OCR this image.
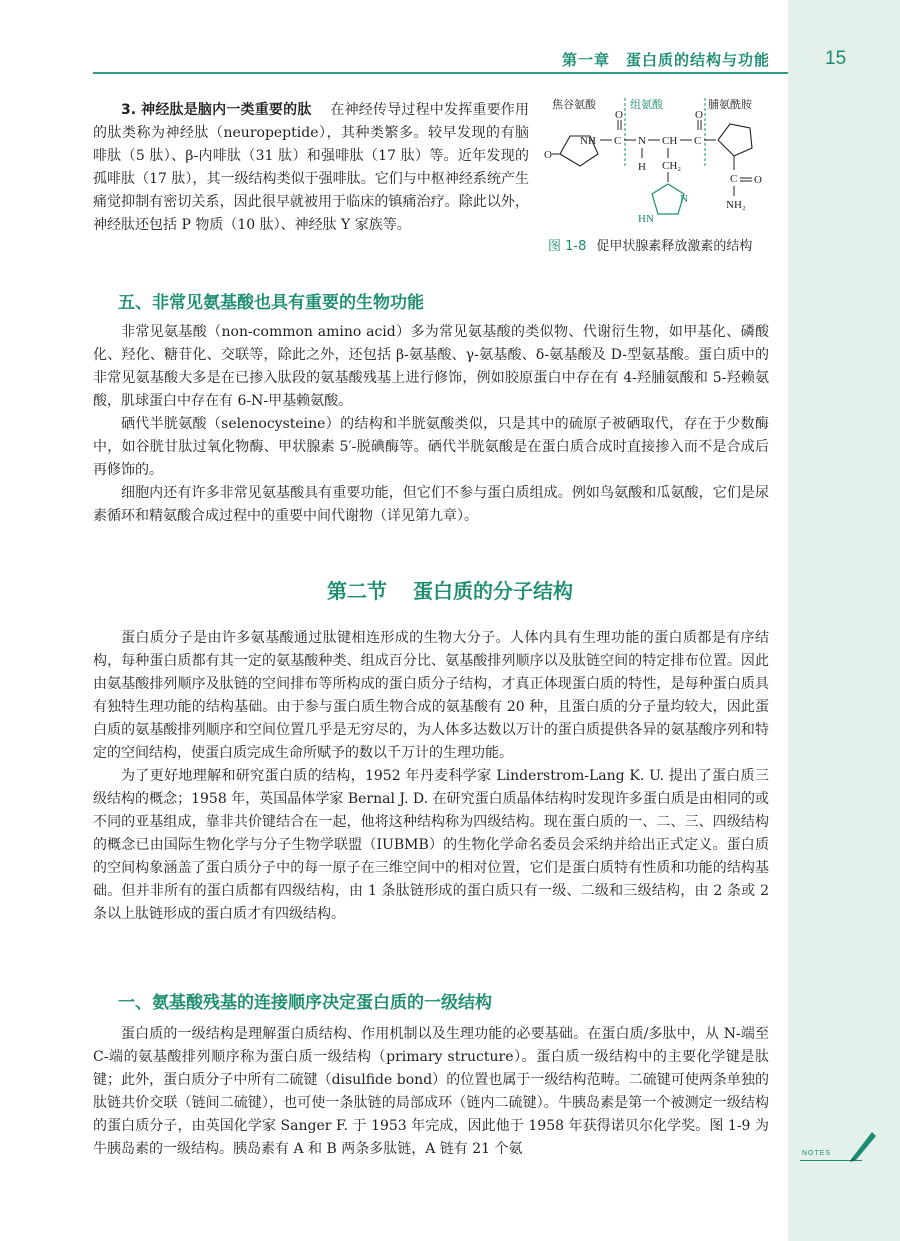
第一章 蛋白质的结构与功能	15

3. 神经肽是脑内一类重要的肽　 在神经传导过程中发挥重要作用的肽类称为神经肽（neuropeptide），其种类繁多。较早发现的有脑啡肽（5 肽）、β-内啡肽（31 肽）和强啡肽（17 肽）等。近年发现的孤啡肽（17 肽），其一级结构类似于强啡肽。它们与中枢神经系统产生痛觉抑制有密切关系，因此很早就被用于临床的镇痛治疗。除此以外，神经肽还包括 P 物质（10 肽）、神经肽 Y 家族等。

焦谷氨酸	组氨酸	脯氨酰胺
O
NH C
O
N
H
CH C
O
C O
NH₂
CH₂
HN
N
图 1-8 促甲状腺素释放激素的结构
五、非常见氨基酸也具有重要的生物功能

非常见氨基酸（non-common amino acid）多为常见氨基酸的类似物、代谢衍生物，如甲基化、磷酸化、羟化、糖苷化、交联等，除此之外，还包括 β-氨基酸、γ-氨基酸、δ-氨基酸及 D-型氨基酸。蛋白质中的非常见氨基酸大多是在已掺入肽段的氨基酸残基上进行修饰，例如胶原蛋白中存在有 4-羟脯氨酸和 5-羟赖氨酸，肌球蛋白中存在有 6-N-甲基赖氨酸。

硒代半胱氨酸（selenocysteine）的结构和半胱氨酸类似，只是其中的硫原子被硒取代，存在于少数酶中，如谷胱甘肽过氧化物酶、甲状腺素 5′-脱碘酶等。硒代半胱氨酸是在蛋白质合成时直接掺入而不是合成后再修饰的。

细胞内还有许多非常见氨基酸具有重要功能，但它们不参与蛋白质组成。例如鸟氨酸和瓜氨酸，它们是尿素循环和精氨酸合成过程中的重要中间代谢物（详见第九章）。

第二节 蛋白质的分子结构

蛋白质分子是由许多氨基酸通过肽键相连形成的生物大分子。人体内具有生理功能的蛋白质都是有序结构，每种蛋白质都有其一定的氨基酸种类、组成百分比、氨基酸排列顺序以及肽链空间的特定排布位置。因此由氨基酸排列顺序及肽链的空间排布等所构成的蛋白质分子结构，才真正体现蛋白质的特性，是每种蛋白质具有独特生理功能的结构基础。由于参与蛋白质生物合成的氨基酸有 20 种，且蛋白质的分子量均较大，因此蛋白质的氨基酸排列顺序和空间位置几乎是无穷尽的，为人体多达数以万计的蛋白质提供各异的氨基酸序列和特定的空间结构，使蛋白质完成生命所赋予的数以千万计的生理功能。

为了更好地理解和研究蛋白质的结构，1952 年丹麦科学家 Linderstrom-Lang K. U. 提出了蛋白质三级结构的概念；1958 年，英国晶体学家 Bernal J. D. 在研究蛋白质晶体结构时发现许多蛋白质是由相同的或不同的亚基组成，靠非共价键结合在一起，他将这种结构称为四级结构。现在蛋白质的一、二、三、四级结构的概念已由国际生物化学与分子生物学联盟（IUBMB）的生物化学命名委员会采纳并给出正式定义。蛋白质的空间构象涵盖了蛋白质分子中的每一原子在三维空间中的相对位置，它们是蛋白质特有性质和功能的结构基础。但并非所有的蛋白质都有四级结构，由 1 条肽链形成的蛋白质只有一级、二级和三级结构，由 2 条或 2 条以上肽链形成的蛋白质才有四级结构。

一、氨基酸残基的连接顺序决定蛋白质的一级结构

蛋白质的一级结构是理解蛋白质结构、作用机制以及生理功能的必要基础。在蛋白质/多肽中，从 N-端至 C-端的氨基酸排列顺序称为蛋白质一级结构（primary structure）。蛋白质一级结构中的主要化学键是肽键；此外，蛋白质分子中所有二硫键（disulfide bond）的位置也属于一级结构范畴。二硫键可使两条单独的肽链共价交联（链间二硫键），也可使一条肽链的局部成环（链内二硫键）。牛胰岛素是第一个被测定一级结构的蛋白质分子，由英国化学家 Sanger F. 于 1953 年完成，因此他于 1958 年获得诺贝尔化学奖。图 1-9 为牛胰岛素的一级结构。胰岛素有 A 和 B 两条多肽链，A 链有 21 个氨	NOTES
